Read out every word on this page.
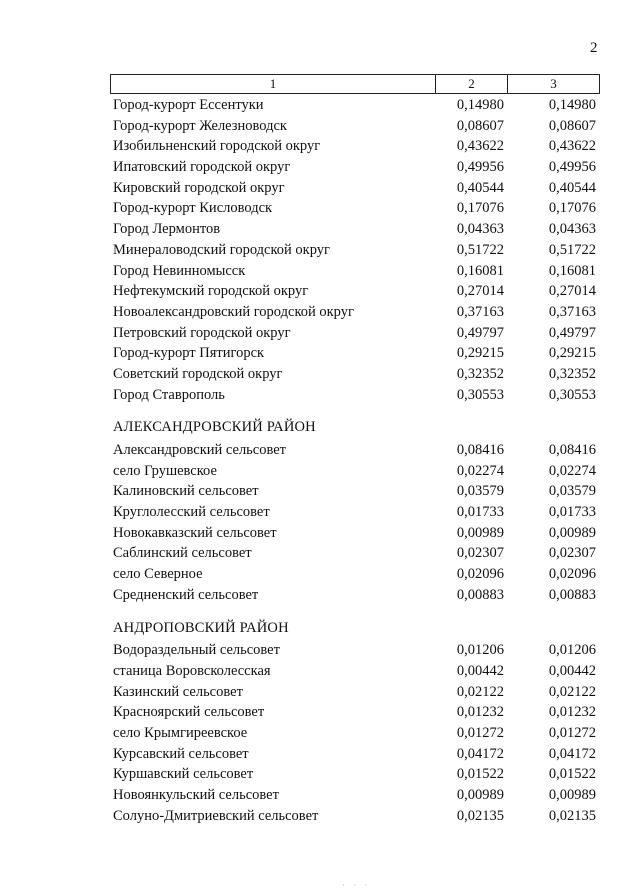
2
1	2	3
Город-курорт Ессентуки	0,14980	0,14980
Город-курорт Железноводск	0,08607	0,08607
Изобильненский городской округ	0,43622	0,43622
Ипатовский городской округ	0,49956	0,49956
Кировский городской округ	0,40544	0,40544
Город-курорт Кисловодск	0,17076	0,17076
Город Лермонтов	0,04363	0,04363
Минераловодский городской округ	0,51722	0,51722
Город Невинномысск	0,16081	0,16081
Нефтекумский городской округ	0,27014	0,27014
Новоалександровский городской округ	0,37163	0,37163
Петровский городской округ	0,49797	0,49797
Город-курорт Пятигорск	0,29215	0,29215
Советский городской округ	0,32352	0,32352
Город Ставрополь	0,30553	0,30553
АЛЕКСАНДРОВСКИЙ РАЙОН
Александровский сельсовет	0,08416	0,08416
село Грушевское	0,02274	0,02274
Калиновский сельсовет	0,03579	0,03579
Круглолесский сельсовет	0,01733	0,01733
Новокавказский сельсовет	0,00989	0,00989
Саблинский сельсовет	0,02307	0,02307
село Северное	0,02096	0,02096
Средненский сельсовет	0,00883	0,00883
АНДРОПОВСКИЙ РАЙОН
Водораздельный сельсовет	0,01206	0,01206
станица Воровсколесская	0,00442	0,00442
Казинский сельсовет	0,02122	0,02122
Красноярский сельсовет	0,01232	0,01232
село Крымгиреевское	0,01272	0,01272
Курсавский сельсовет	0,04172	0,04172
Куршавский сельсовет	0,01522	0,01522
Новоянкульский сельсовет	0,00989	0,00989
Солуно-Дмитриевский сельсовет	0,02135	0,02135
· · ·
